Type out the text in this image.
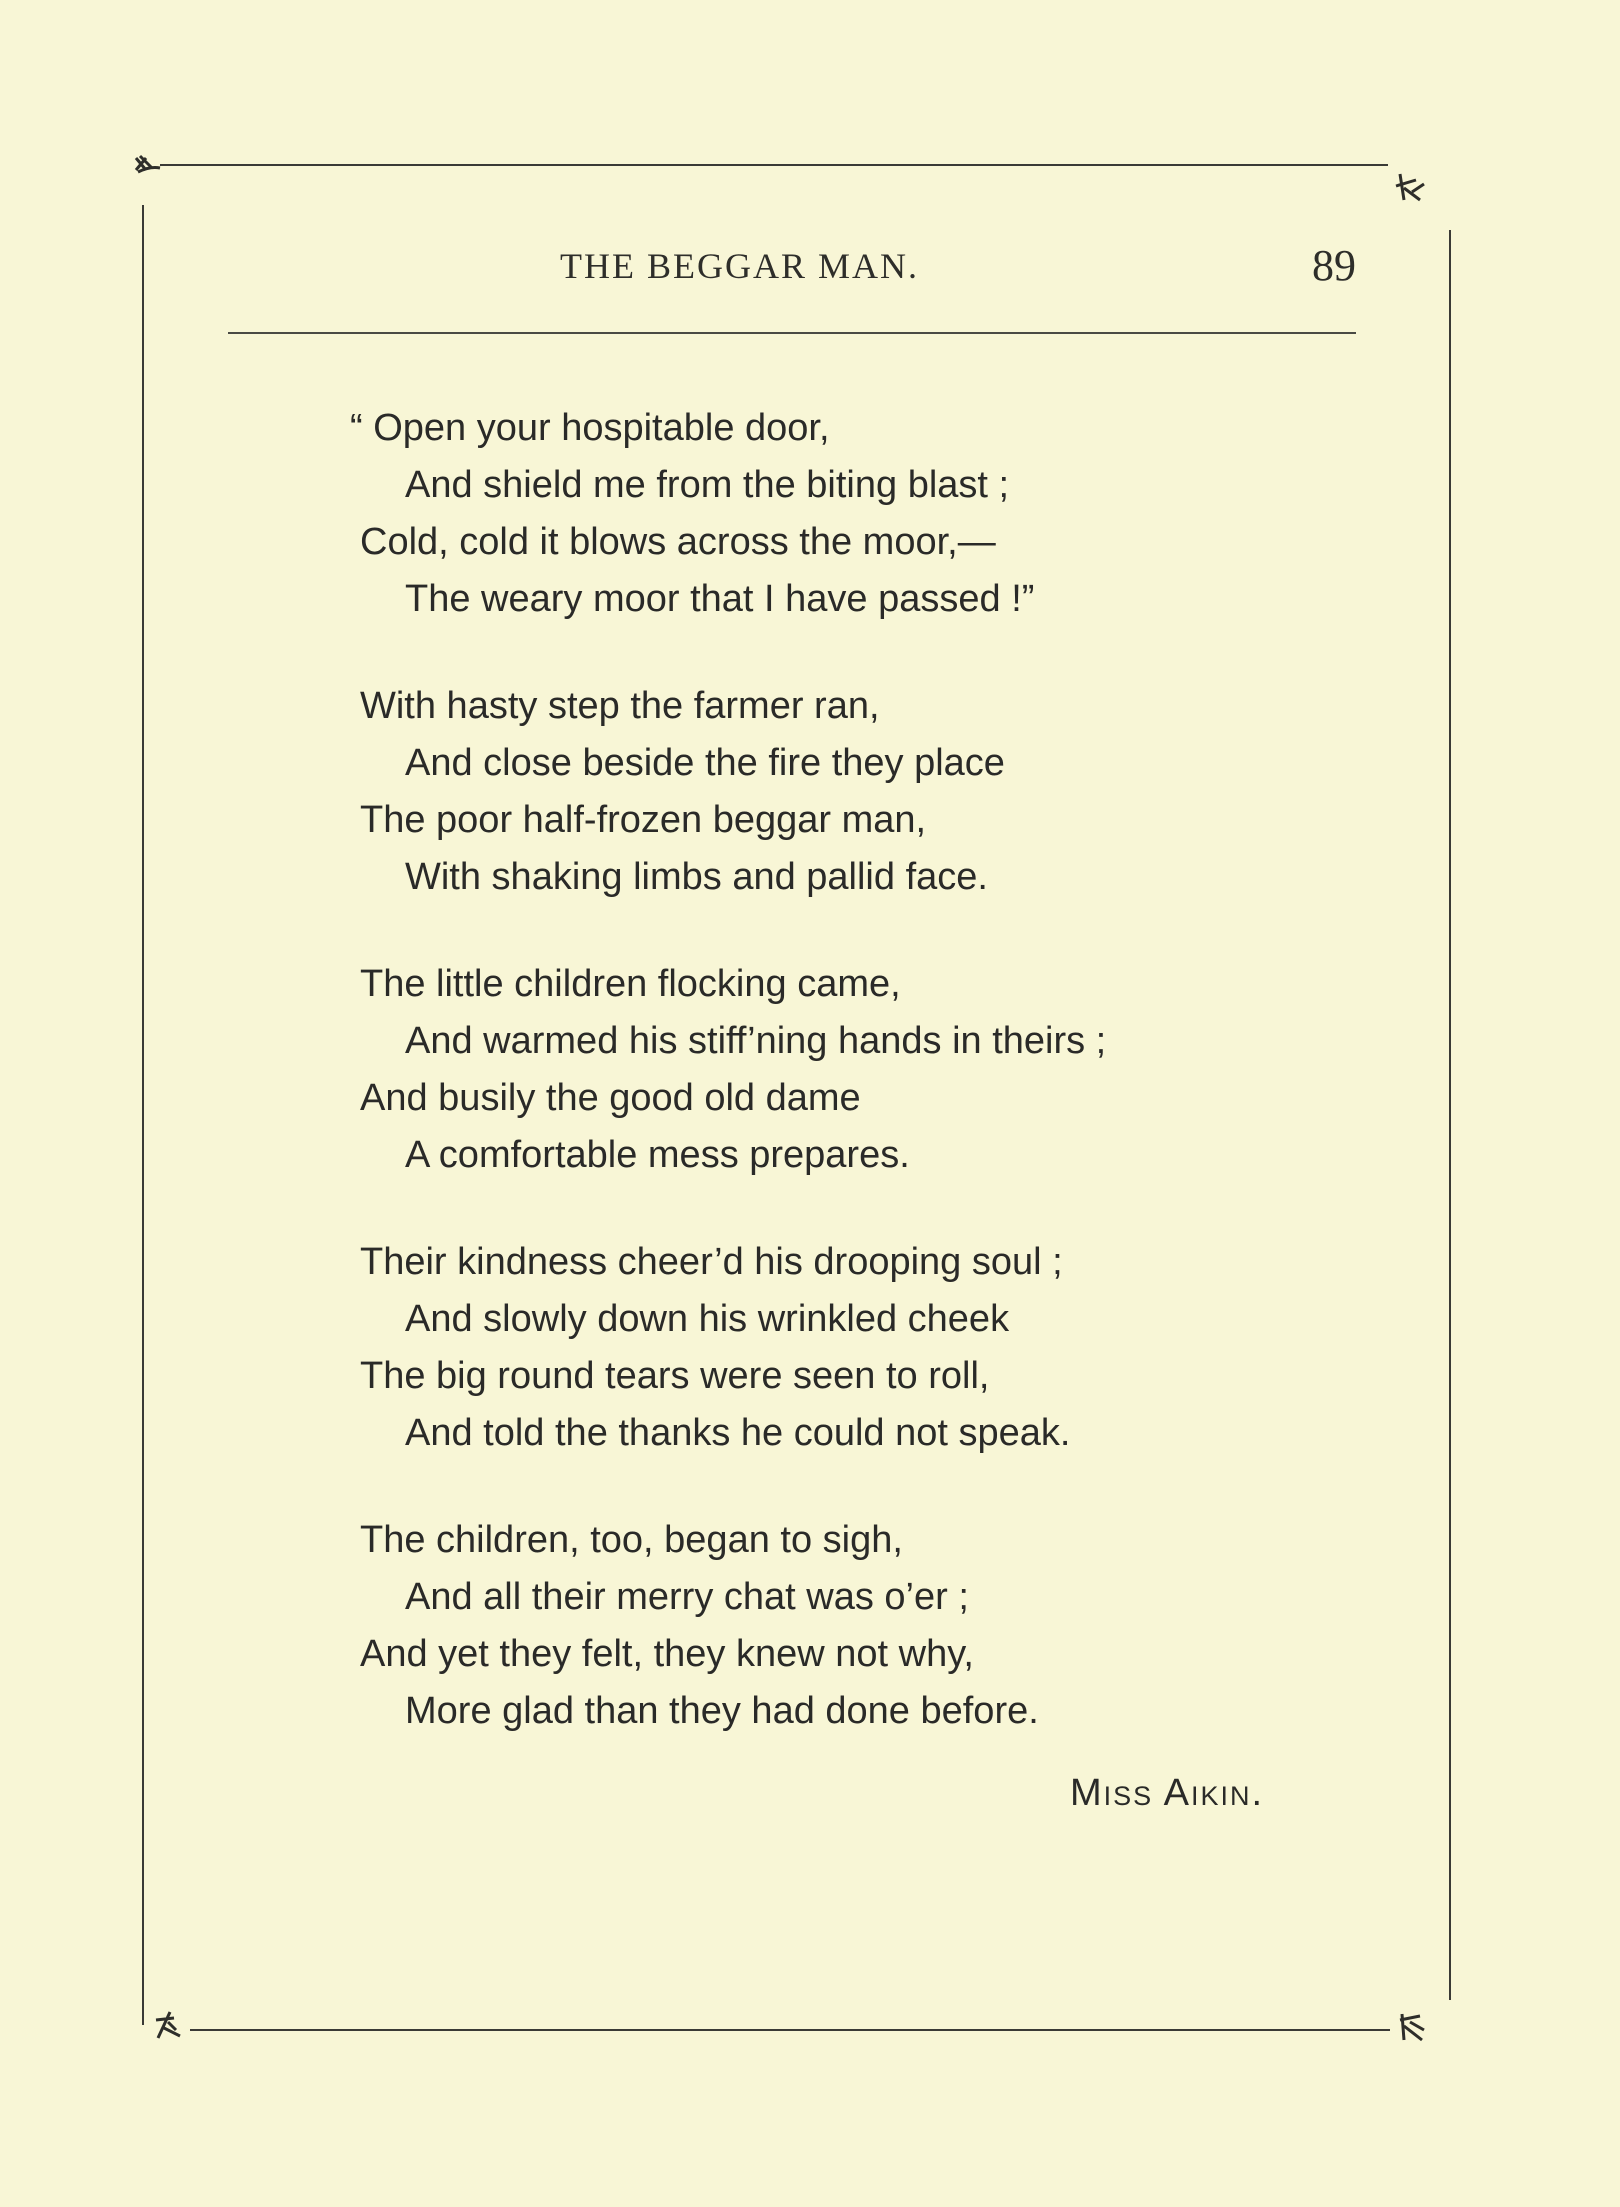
THE BEGGAR MAN.	89
“ Open your hospitable door,
And shield me from the biting blast ;
Cold, cold it blows across the moor,—
The weary moor that I have passed !”
With hasty step the farmer ran,
And close beside the fire they place
The poor half-frozen beggar man,
With shaking limbs and pallid face.
The little children flocking came,
And warmed his stiff’ning hands in theirs ;
And busily the good old dame
A comfortable mess prepares.
Their kindness cheer’d his drooping soul ;
And slowly down his wrinkled cheek
The big round tears were seen to roll,
And told the thanks he could not speak.
The children, too, began to sigh,
And all their merry chat was o’er ;
And yet they felt, they knew not why,
More glad than they had done before.
Miss Aikin.
